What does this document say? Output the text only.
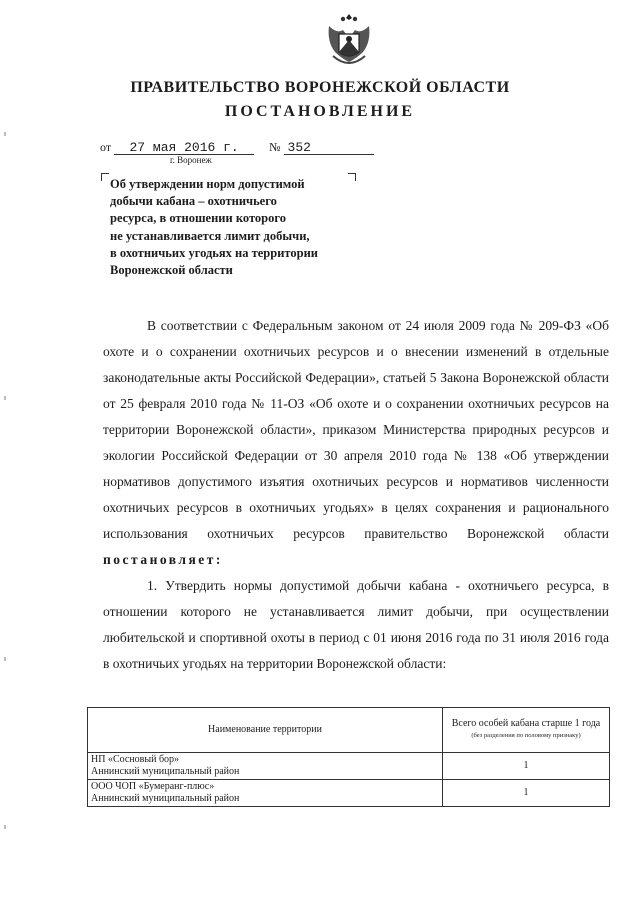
ПРАВИТЕЛЬСТВО ВОРОНЕЖСКОЙ ОБЛАСТИ
ПОСТАНОВЛЕНИЕ
от 27 мая 2016 г.	№ 352
г. Воронеж
Об утверждении норм допустимой
добычи кабана – охотничьего
ресурса, в отношении которого
не устанавливается лимит добычи,
в охотничьих угодьях на территории
Воронежской области

В соответствии с Федеральным законом от 24 июля 2009 года № 209-ФЗ «Об охоте и о сохранении охотничьих ресурсов и о внесении изменений в отдельные законодательные акты Российской Федерации», статьей 5 Закона Воронежской области от 25 февраля 2010 года № 11-ОЗ «Об охоте и о сохранении охотничьих ресурсов на территории Воронежской области», приказом Министерства природных ресурсов и экологии Российской Федерации от 30 апреля 2010 года № 138 «Об утверждении нормативов допустимого изъятия охотничьих ресурсов и нормативов численности охотничьих ресурсов в охотничьих угодьях» в целях сохранения и рационального использования охотничьих ресурсов правительство Воронежской области постановляет:

1. Утвердить нормы допустимой добычи кабана - охотничьего ресурса, в отношении которого не устанавливается лимит добычи, при осуществлении любительской и спортивной охоты в период с 01 июня 2016 года по 31 июля 2016 года в охотничьих угодьях на территории Воронежской области:

Наименование территории	Всего особей кабана старше 1 года
(без разделения по половому признаку)

НП «Сосновый бор»
Аннинский муниципальный район	1

ООО ЧОП «Бумеранг-плюс»
Аннинский муниципальный район	1
